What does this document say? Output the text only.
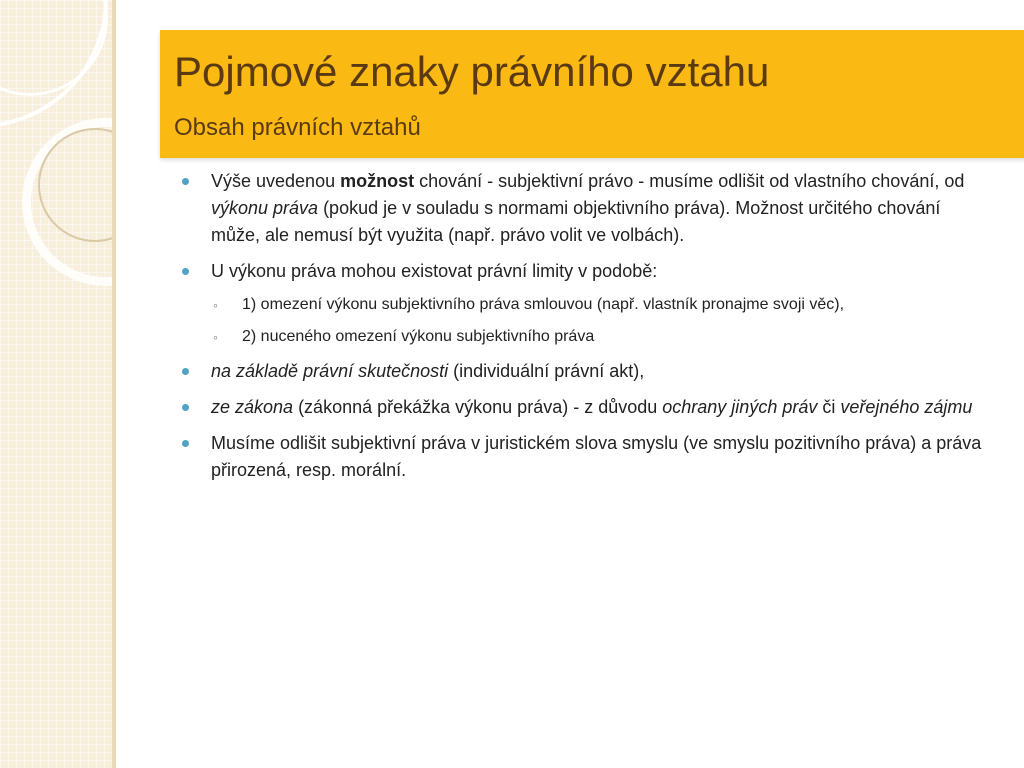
Pojmové znaky právního vztahu
Obsah právních vztahů
Výše uvedenou možnost chování - subjektivní právo - musíme odlišit od vlastního chování, od výkonu práva (pokud je v souladu s normami objektivního práva). Možnost určitého chování může, ale nemusí být využita (např. právo volit ve volbách).
U výkonu práva mohou existovat právní limity v podobě:
◦ 1) omezení výkonu subjektivního práva smlouvou (např. vlastník pronajme svoji věc),
◦ 2) nuceného omezení výkonu subjektivního práva
na základě právní skutečnosti (individuální právní akt),
ze zákona (zákonná překážka výkonu práva) - z důvodu ochrany jiných práv či veřejného zájmu
Musíme odlišit subjektivní práva v juristickém slova smyslu (ve smyslu pozitivního práva) a práva přirozená, resp. morální.
